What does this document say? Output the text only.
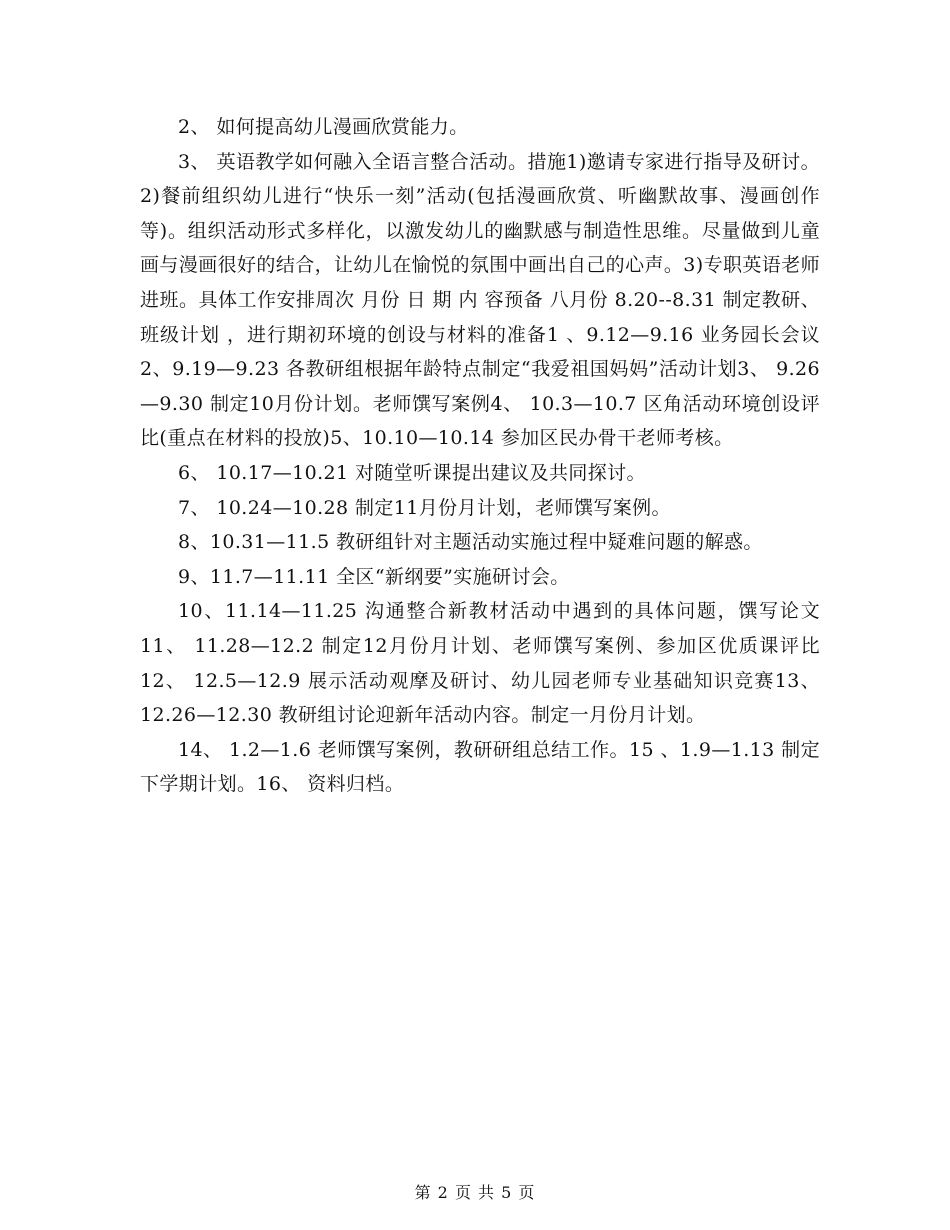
2、 如何提高幼儿漫画欣赏能力。

3、 英语教学如何融入全语言整合活动。措施1)邀请专家进行指导及研讨。2)餐前组织幼儿进行“快乐一刻”活动(包括漫画欣赏、听幽默故事、漫画创作等)。组织活动形式多样化，以激发幼儿的幽默感与制造性思维。尽量做到儿童画与漫画很好的结合，让幼儿在愉悦的氛围中画出自己的心声。3)专职英语老师进班。具体工作安排周次 月份 日 期 内 容预备 八月份 8.20--8.31 制定教研、班级计划 ，进行期初环境的创设与材料的准备1 、9.12—9.16 业务园长会议2、9.19—9.23 各教研组根据年龄特点制定“我爱祖国妈妈”活动计划3、 9.26—9.30 制定10月份计划。老师馔写案例4、 10.3—10.7 区角活动环境创设评比(重点在材料的投放)5、10.10—10.14 参加区民办骨干老师考核。

6、 10.17—10.21 对随堂听课提出建议及共同探讨。

7、 10.24—10.28 制定11月份月计划，老师馔写案例。

8、10.31—11.5 教研组针对主题活动实施过程中疑难问题的解惑。

9、11.7—11.11 全区“新纲要”实施研讨会。

10、11.14—11.25 沟通整合新教材活动中遇到的具体问题，馔写论文11、 11.28—12.2 制定12月份月计划、老师馔写案例、参加区优质课评比12、 12.5—12.9 展示活动观摩及研讨、幼儿园老师专业基础知识竞赛13、12.26—12.30 教研组讨论迎新年活动内容。制定一月份月计划。

14、 1.2—1.6 老师馔写案例，教研研组总结工作。15 、1.9—1.13 制定下学期计划。16、 资料归档。

第 2 页 共 5 页
